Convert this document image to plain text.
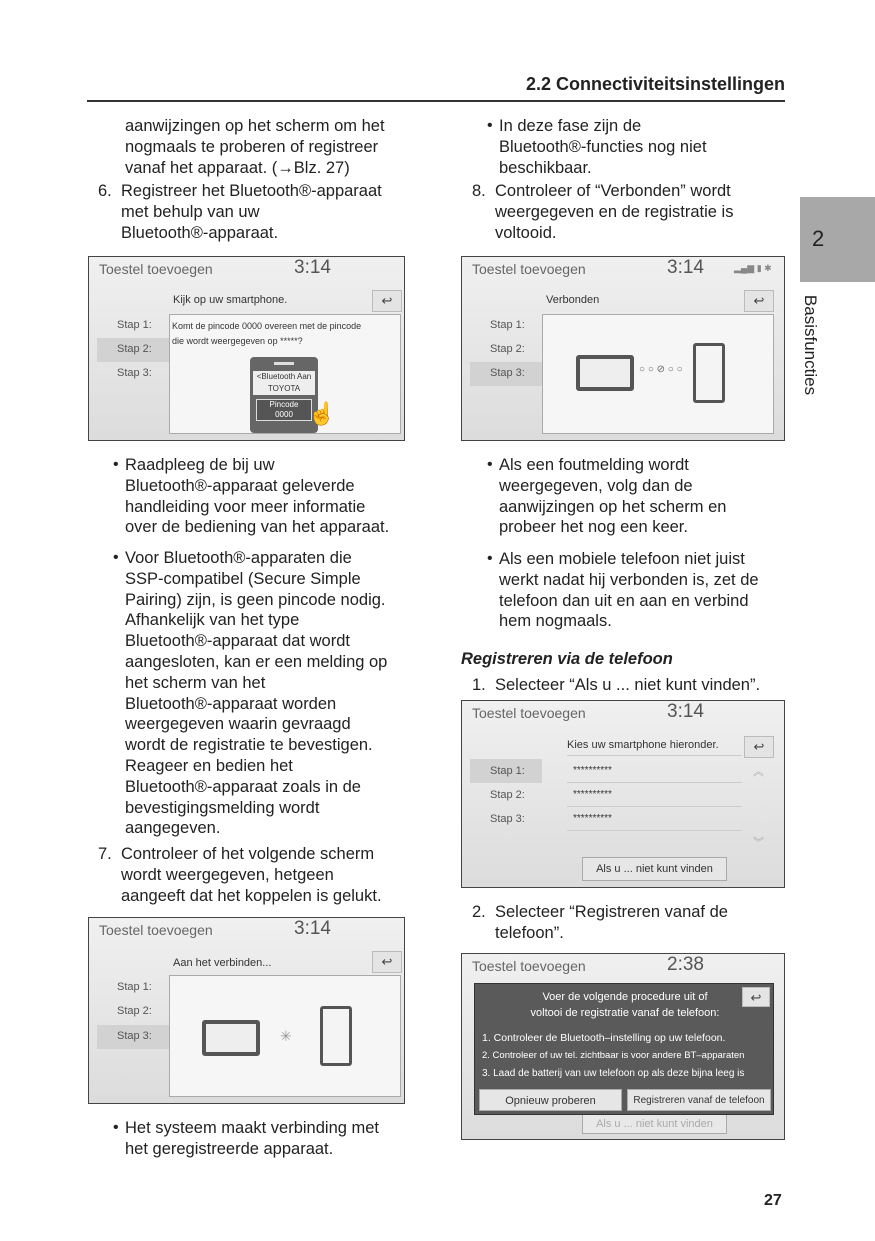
2.2 Connectiviteitsinstellingen
2
Basisfuncties
aanwijzingen op het scherm om het
nogmaals te proberen of registreer
vanaf het apparaat. (→Blz. 27)
6. Registreer het Bluetooth®-apparaat
met behulp van uw
Bluetooth®-apparaat.
Toestel toevoegen	3:14
Kijk op uw smartphone.	↩
Stap 1:
Stap 2:
Stap 3:
Komt de pincode 0000 overeen met de pincode
die wordt weergegeven op *****?
<Bluetooth Aan
TOYOTA
Pincode
0000 ☝
• Raadpleeg de bij uw
Bluetooth®-apparaat geleverde
handleiding voor meer informatie
over de bediening van het apparaat.
• Voor Bluetooth®-apparaten die
SSP-compatibel (Secure Simple
Pairing) zijn, is geen pincode nodig.
Afhankelijk van het type
Bluetooth®-apparaat dat wordt
aangesloten, kan er een melding op
het scherm van het
Bluetooth®-apparaat worden
weergegeven waarin gevraagd
wordt de registratie te bevestigen.
Reageer en bedien het
Bluetooth®-apparaat zoals in de
bevestigingsmelding wordt
aangegeven.
7. Controleer of het volgende scherm
wordt weergegeven, hetgeen
aangeeft dat het koppelen is gelukt.
Toestel toevoegen	3:14
Aan het verbinden...	↩
Stap 1:
Stap 2:
Stap 3:	✳
• Het systeem maakt verbinding met
het geregistreerde apparaat.
• In deze fase zijn de
Bluetooth®-functies nog niet
beschikbaar.
8. Controleer of “Verbonden” wordt
weergegeven en de registratie is
voltooid.
Toestel toevoegen	3:14	▂▄▆ ▮ ✱
Verbonden	↩
Stap 1:
Stap 2:
Stap 3:	○ ○ ⊘ ○ ○
• Als een foutmelding wordt
weergegeven, volg dan de
aanwijzingen op het scherm en
probeer het nog een keer.
• Als een mobiele telefoon niet juist
werkt nadat hij verbonden is, zet de
telefoon dan uit en aan en verbind
hem nogmaals.
Registreren via de telefoon
1. Selecteer “Als u ... niet kunt vinden”.
Toestel toevoegen	3:14
Kies uw smartphone hieronder.	↩
Stap 1:
Stap 2:
Stap 3:
**********
**********
**********
︽
︾
Als u ... niet kunt vinden
2. Selecteer “Registreren vanaf de
telefoon”.
Toestel toevoegen	2:38
Als u ... niet kunt vinden
↩
Voer de volgende procedure uit of
voltooi de registratie vanaf de telefoon:
1. Controleer de Bluetooth–instelling op uw telefoon.
2. Controleer of uw tel. zichtbaar is voor andere BT–apparaten
3. Laad de batterij van uw telefoon op als deze bijna leeg is
Opnieuw proberen	Registreren vanaf de telefoon
27
